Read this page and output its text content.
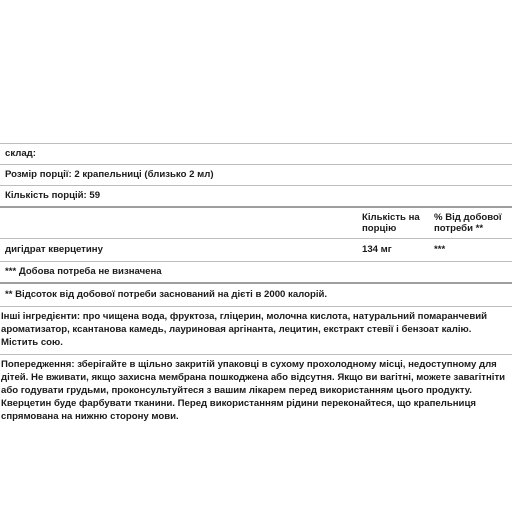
склад:
Розмір порції: 2 крапельниці (близько 2 мл)
Кількість порцій: 59
Кількість на порцію
% Від добової потреби **
дигідрат кверцетину	134 мг	***
*** Добова потреба не визначена
** Відсоток від добової потреби заснований на дієті в 2000 калорій.
Інші інгредієнти: про чищена вода, фруктоза, гліцерин, молочна кислота, натуральний помаранчевий ароматизатор, ксантанова камедь, лауриновая аргінанта, лецитин, екстракт стевії і бензоат калію. Містить сою.
Попередження: зберігайте в щільно закритій упаковці в сухому прохолодному місці, недоступному для дітей. Не вживати, якщо захисна мембрана пошкоджена або відсутня. Якщо ви вагітні, можете завагітніти або годувати грудьми, проконсультуйтеся з вашим лікарем перед використанням цього продукту. Кверцетин буде фарбувати тканини. Перед використанням рідини переконайтеся, що крапельниця спрямована на нижню сторону мови.
